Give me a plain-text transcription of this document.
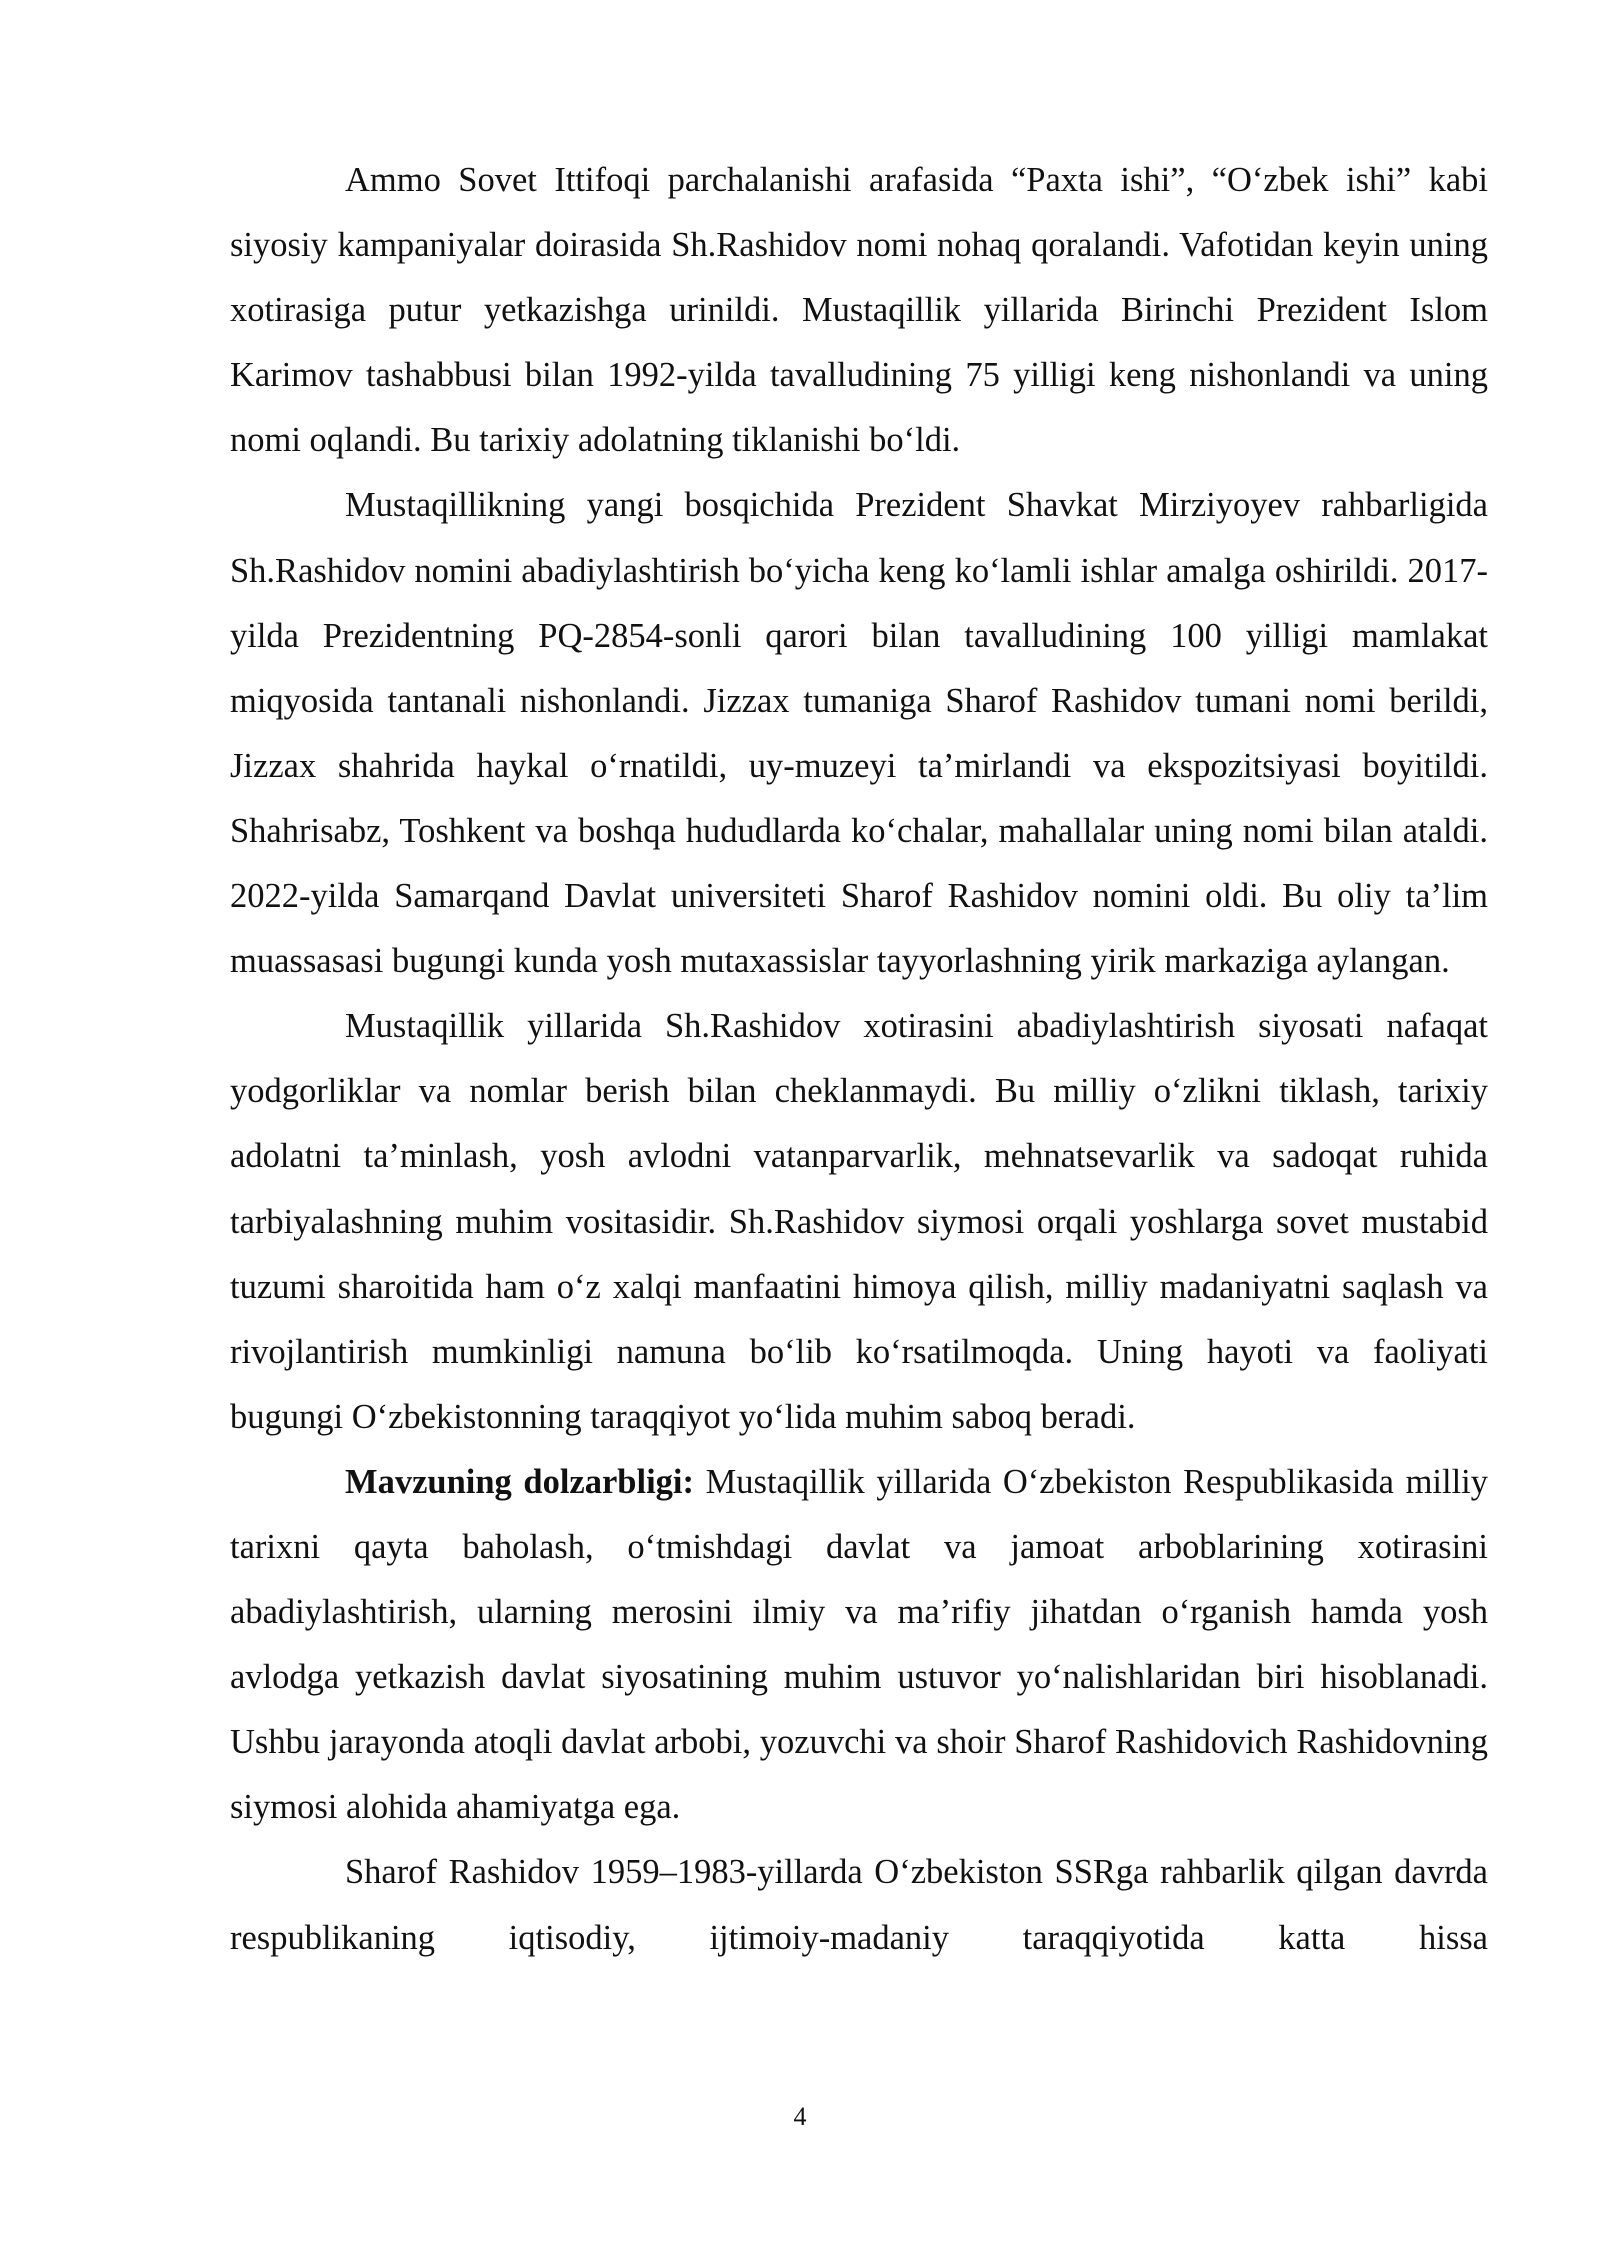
Ammo Sovet Ittifoqi parchalanishi arafasida “Paxta ishi”, “O‘zbek ishi” kabi siyosiy kampaniyalar doirasida Sh.Rashidov nomi nohaq qoralandi. Vafotidan keyin uning xotirasiga putur yetkazishga urinildi. Mustaqillik yillarida Birinchi Prezident Islom Karimov tashabbusi bilan 1992-yilda tavalludining 75 yilligi keng nishonlandi va uning nomi oqlandi. Bu tarixiy adolatning tiklanishi bo‘ldi.

Mustaqillikning yangi bosqichida Prezident Shavkat Mirziyoyev rahbarligida Sh.Rashidov nomini abadiylashtirish bo‘yicha keng ko‘lamli ishlar amalga oshirildi. 2017-yilda Prezidentning PQ-2854-sonli qarori bilan tavalludining 100 yilligi mamlakat miqyosida tantanali nishonlandi. Jizzax tumaniga Sharof Rashidov tumani nomi berildi, Jizzax shahrida haykal o‘rnatildi, uy-muzeyi ta’mirlandi va ekspozitsiyasi boyitildi. Shahrisabz, Toshkent va boshqa hududlarda ko‘chalar, mahallalar uning nomi bilan ataldi. 2022-yilda Samarqand Davlat universiteti Sharof Rashidov nomini oldi. Bu oliy ta’lim muassasasi bugungi kunda yosh mutaxassislar tayyorlashning yirik markaziga aylangan.

Mustaqillik yillarida Sh.Rashidov xotirasini abadiylashtirish siyosati nafaqat yodgorliklar va nomlar berish bilan cheklanmaydi. Bu milliy o‘zlikni tiklash, tarixiy adolatni ta’minlash, yosh avlodni vatanparvarlik, mehnatsevarlik va sadoqat ruhida tarbiyalashning muhim vositasidir. Sh.Rashidov siymosi orqali yoshlarga sovet mustabid tuzumi sharoitida ham o‘z xalqi manfaatini himoya qilish, milliy madaniyatni saqlash va rivojlantirish mumkinligi namuna bo‘lib ko‘rsatilmoqda. Uning hayoti va faoliyati bugungi O‘zbekistonning taraqqiyot yo‘lida muhim saboq beradi.

Mavzuning dolzarbligi: Mustaqillik yillarida O‘zbekiston Respublikasida milliy tarixni qayta baholash, o‘tmishdagi davlat va jamoat arboblarining xotirasini abadiylashtirish, ularning merosini ilmiy va ma’rifiy jihatdan o‘rganish hamda yosh avlodga yetkazish davlat siyosatining muhim ustuvor yo‘nalishlaridan biri hisoblanadi. Ushbu jarayonda atoqli davlat arbobi, yozuvchi va shoir Sharof Rashidovich Rashidovning siymosi alohida ahamiyatga ega.

Sharof Rashidov 1959–1983-yillarda O‘zbekiston SSRga rahbarlik qilgan davrda respublikaning iqtisodiy, ijtimoiy-madaniy taraqqiyotida katta hissa

4
